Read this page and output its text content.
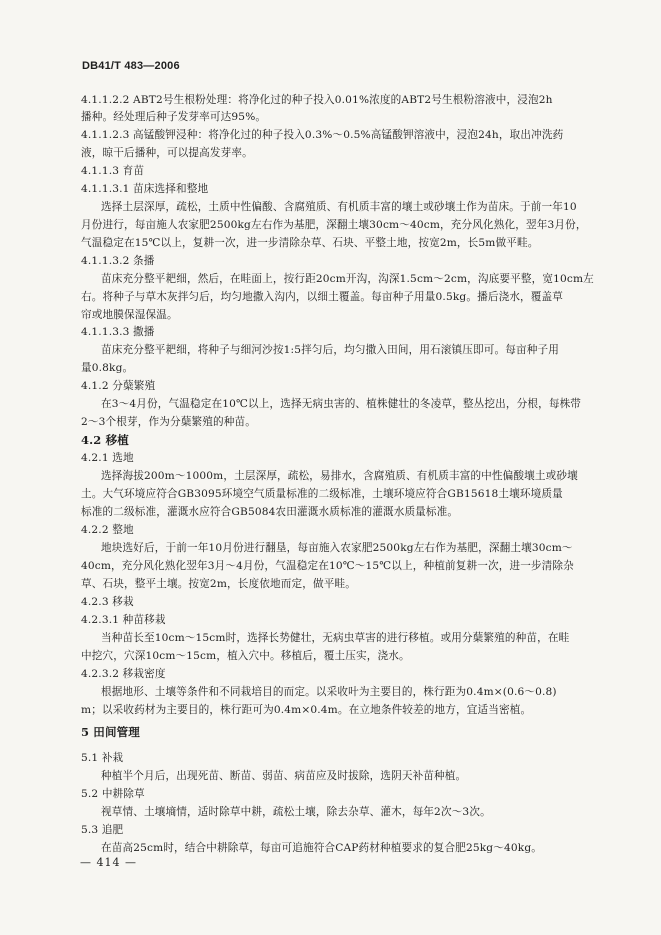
DB41/T 483—2006
4.1.1.2.2 ABT2号生根粉处理：将净化过的种子投入0.01%浓度的ABT2号生根粉溶液中，浸泡2h
播种。经处理后种子发芽率可达95%。
4.1.1.2.3 高锰酸钾浸种：将净化过的种子投入0.3%～0.5%高锰酸钾溶液中，浸泡24h，取出冲洗药
液，晾干后播种，可以提高发芽率。
4.1.1.3 育苗
4.1.1.3.1 苗床选择和整地
选择土层深厚，疏松，土质中性偏酸、含腐殖质、有机质丰富的壤土或砂壤土作为苗床。于前一年10
月份进行，每亩施人农家肥2500kg左右作为基肥，深翻土壤30cm～40cm，充分风化熟化，翌年3月份，
气温稳定在15℃以上，复耕一次，进一步清除杂草、石块、平整土地，按宽2m，长5m做平畦。
4.1.1.3.2 条播
苗床充分整平耙细，然后，在畦面上，按行距20cm开沟，沟深1.5cm～2cm，沟底要平整，宽10cm左
右。将种子与草木灰拌匀后，均匀地撒入沟内，以细土覆盖。每亩种子用量0.5kg。播后浇水，覆盖草
帘或地膜保湿保温。
4.1.1.3.3 撒播
苗床充分整平耙细，将种子与细河沙按1:5拌匀后，均匀撒入田间，用石滚镇压即可。每亩种子用
量0.8kg。
4.1.2 分蘖繁殖
在3～4月份，气温稳定在10℃以上，选择无病虫害的、植株健壮的冬凌草，整丛挖出，分根，每株带
2～3个根芽，作为分蘖繁殖的种苗。
4.2 移植
4.2.1 选地
选择海拔200m～1000m，土层深厚，疏松，易排水，含腐殖质、有机质丰富的中性偏酸壤土或砂壤
土。大气环境应符合GB3095环境空气质量标准的二级标准，土壤环境应符合GB15618土壤环境质量
标准的二级标准，灌溉水应符合GB5084农田灌溉水质标准的灌溉水质量标准。
4.2.2 整地
地块选好后，于前一年10月份进行翻垦，每亩施入农家肥2500kg左右作为基肥，深翻土壤30cm～
40cm，充分风化熟化翌年3月～4月份，气温稳定在10℃～15℃以上，种植前复耕一次，进一步清除杂
草、石块，整平土壤。按宽2m，长度依地而定，做平畦。
4.2.3 移栽
4.2.3.1 种苗移栽
当种苗长至10cm～15cm时，选择长势健壮，无病虫草害的进行移植。或用分蘖繁殖的种苗，在畦
中挖穴，穴深10cm～15cm，植入穴中。移植后，覆土压实，浇水。
4.2.3.2 移栽密度
根据地形、土壤等条件和不同栽培目的而定。以采收叶为主要目的，株行距为0.4m×(0.6～0.8)
m；以采收药材为主要目的，株行距可为0.4m×0.4m。在立地条件较差的地方，宜适当密植。
5 田间管理
5.1 补栽
种植半个月后，出现死苗、断苗、弱苗、病苗应及时拔除，选阴天补苗种植。
5.2 中耕除草
视草情、土壤墒情，适时除草中耕，疏松土壤，除去杂草、灌木，每年2次～3次。
5.3 追肥
在苗高25cm时，结合中耕除草，每亩可追施符合CAP药材种植要求的复合肥25kg～40kg。
— 414 —
